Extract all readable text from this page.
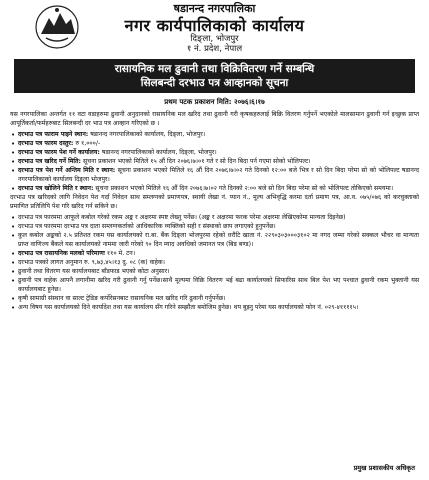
षडानन्द नगरपालिका
नगर कार्यपालिकाको कार्यालय
दिङ्ला, भोजपुर
१ नं. प्रदेश, नेपाल
रासायनिक मल ढुवानी तथा विक्रिवितरण गर्ने सम्बन्धि
सिलबन्दी दरभाउ पत्र आव्हानको सूचना
प्रथम पटक प्रकाशन मिति: २०७६।६।१७
यस नगरपालिका अन्तर्गत ११ वटा वडाहरुमा ढुवानी अनुदानको रासायनिक मल खरिद तथा ढुवानी गरी कृषकहरुलाई बिक्रि वितरण गर्नुपर्ने भएकोले मालसामान ढुवानी गर्न इच्छुक प्राप्त आपूर्तिकर्ता/फर्महरुबाट सिलबन्दी दर भाउ पत्र आव्हान गरिएको छ ।
• दरभाउ पत्र फाराम पाइने स्थान: षडानन्द नगरपालिकाको कार्यालय, दिङ्ला, भोजपुर।
• दरभाउ पत्र फारम दस्तुर: रु १,०००/-
• दरभाउ पत्र फारम पेश गर्ने कार्यालय: षडानन्द नगरपालिकाको कार्यालय, दिङ्ला, भोजपुर।
• दरभाउ पत्र खरिद गर्ने मिति: सूचना प्रकाशन भएको मितिले १५ औं दिन २०७६।७।०१ गते र सो दिन बिदा पर्न गएमा सोको भोलिपल्ट।
• दरभाउ पत्र पेश गर्ने अन्तिम मिति र स्थान: सूचना प्रकाशन भएको मितिले १६ औं दिन २०७६।७।०२ गते दिनको १२:०० बजे भित्र र सो दिन बिदा परेमा सो को भोलिपल्ट षडानन्द नगरपालिकाको कार्यालय दिङ्ला भोजपुर।
• दरभाउ पत्र खोलिने मिति र स्थान: सूचना प्रकाशन भएको मितिले १६ औं दिन २०७६।७।०२ गते दिनको २:०० बजे सो दिन बिदा परेमा सो को भोलिपल्ट तोकिएको समयमा।
दरभाउ पत्र खरिदको लागि निवेदन पेश गर्दा निवेदन साथ सम्लग्नको प्रमाणपत्र, स्थायी लेखा नं. प्यान नं., मूल्य अभिवृद्धि करमा दर्ता प्रमाण पत्र, आ.व. ०७५/०७६ को करचुक्ताको प्रमाणित प्रतिलिपि पेश गरि खरिद गर्न सकिने छ।
• दरभाउ पत्र फारममा आफूले कबोल गरेको रकम अङ्क र अक्षरमा स्पष्ट लेख्नु पर्नेछ। (अङ्क र अक्षरमा फरक परेमा अक्षरमा लेखिएकोमा मान्यता दिइनेछ)
• दरभाउ पत्र फारममा दरभाउ पत्र दाता सम्लग्नकर्ताको आधिकारिक व्यक्तिको सही र संस्थाको छाप लगाएको हुनुपर्नेछ।
• कुल कबोल अङ्कको २.५ प्रतिशत रकम यस कार्यालयको रा.बा. बैंक दिङ्ला भोजपुरमा रहेको धरौटि खाता नं. २२९०३०३०००३१०२ मा नगद जम्मा गरेको सक्कल भौचर वा मान्यता प्राप्त वाणिज्य बैंकले यस कार्यालयको नाममा जारी गरेको ९० दिन म्याद अवधिको जमानत पत्र (बिड बण्ड)।
• दरभाउ पत्र रासायनिक मलको परिमाणः ११० मे. टन।
• दरभाउ पत्रको लागत अनुमान रु. ९,७३,४५।१३ दु. ०८ (क) वाहेक।
• ढुवानी तथा वितरण यस कार्यालयबाट बाँडफाड भएको कोटा अनुसार।
• ढुवानी पत्र वाहेक आफ्नै लगानीमा खरिद गरी ढुवानी गर्नु पर्नेछ।साथै मूल्यमा विक्रि वितरण भई बढा कार्यालयको सिफारिस साथ बिल पेश भए पश्चात ढुवानी रकम भुक्तानी यस कार्यालयबाट हुनेछ।
• कृषी सामाग्री संस्थान वा साल्ट ट्रेडिङ कर्पोरेसनबाट रासायनिक मल खरिद गरि ढुवानी गर्नुपर्नेछ।
• अन्य विषय यस कार्यालयको दिने कार्यादेश तथा यस कार्यालय सँग गरिने सम्झौता बमोजिम हुनेछ। थप बुझ्नु परेमा यस कार्यालयको फोन नं. ०२९-४११११५।
प्रमुख प्रशासकीय अधिकृत
